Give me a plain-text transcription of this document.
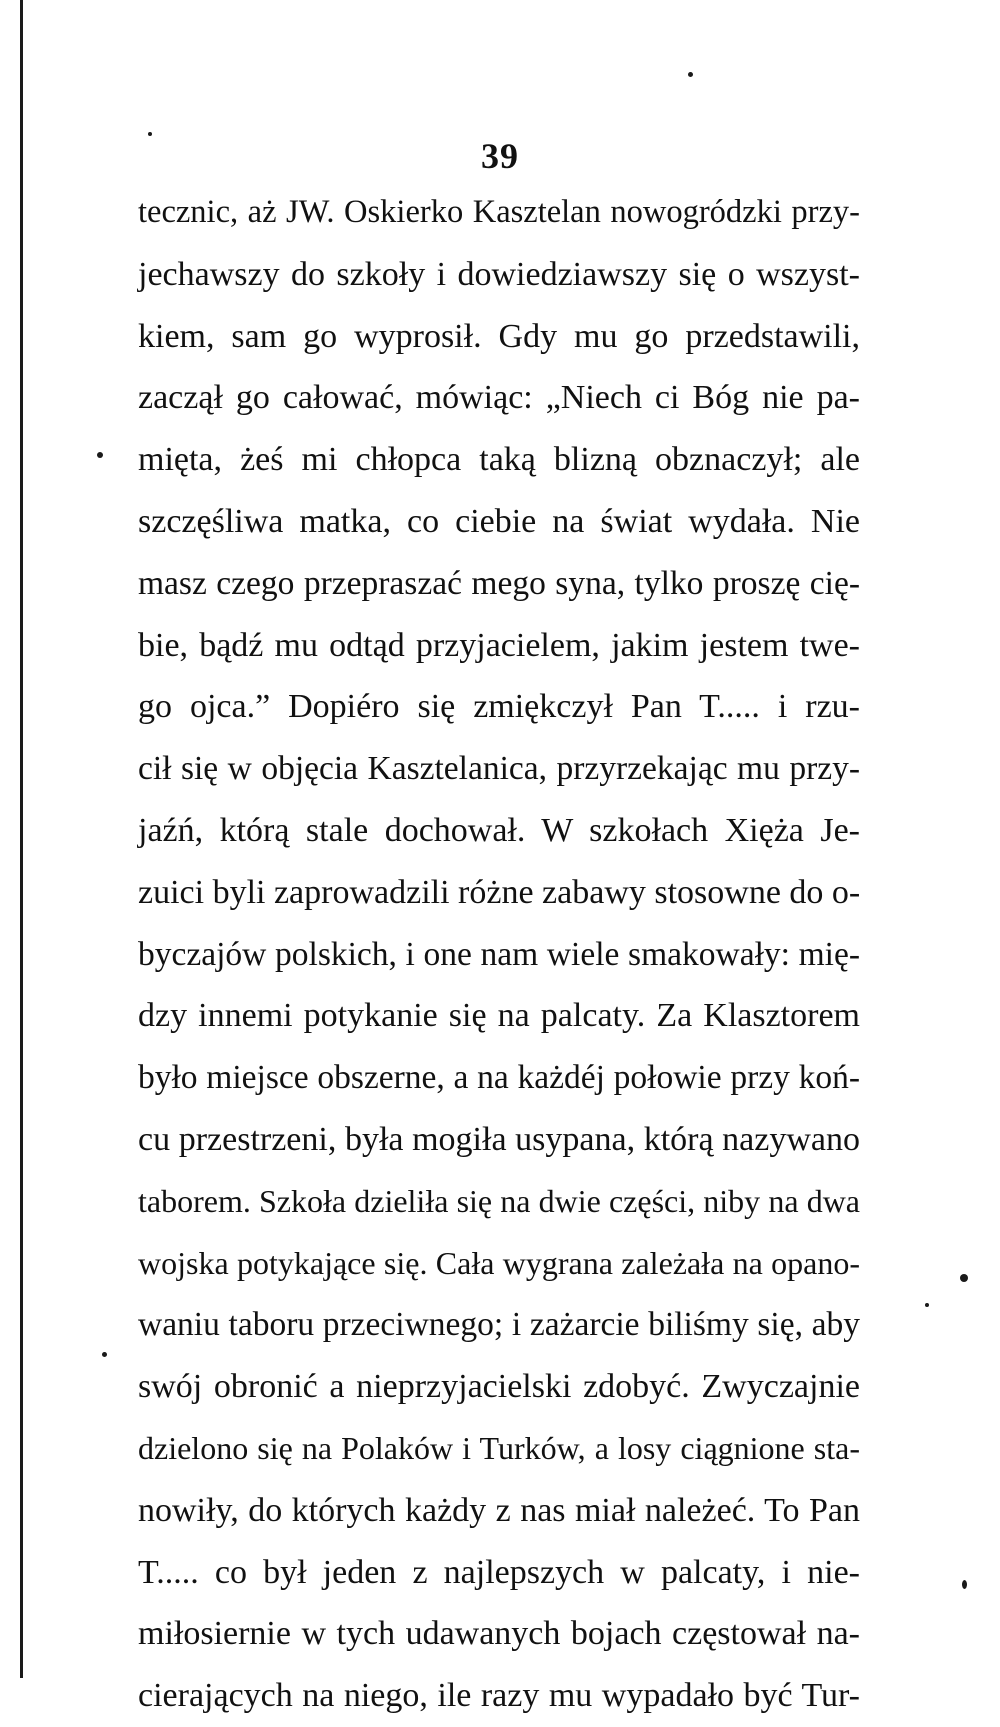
39
tecznic, aż JW. Oskierko Kasztelan nowogródzki przy-
jechawszy do szkoły i dowiedziawszy się o wszyst-
kiem, sam go wyprosił. Gdy mu go przedstawili,
zaczął go całować, mówiąc: „Niech ci Bóg nie pa-
mięta, żeś mi chłopca taką blizną obznaczył; ale
szczęśliwa matka, co ciebie na świat wydała. Nie
masz czego przepraszać mego syna, tylko proszę cię-
bie, bądź mu odtąd przyjacielem, jakim jestem twe-
go ojca.” Dopiéro się zmiękczył Pan T..... i rzu-
cił się w objęcia Kasztelanica, przyrzekając mu przy-
jaźń, którą stale dochował. W szkołach Xięża Je-
zuici byli zaprowadzili różne zabawy stosowne do o-
byczajów polskich, i one nam wiele smakowały: mię-
dzy innemi potykanie się na palcaty. Za Klasztorem
było miejsce obszerne, a na każdéj połowie przy koń-
cu przestrzeni, była mogiła usypana, którą nazywano
taborem. Szkoła dzieliła się na dwie części, niby na dwa
wojska potykające się. Cała wygrana zależała na opano-
waniu taboru przeciwnego; i zażarcie biliśmy się, aby
swój obronić a nieprzyjacielski zdobyć. Zwyczajnie
dzielono się na Polaków i Turków, a losy ciągnione sta-
nowiły, do których każdy z nas miał należeć. To Pan
T..... co był jeden z najlepszych w palcaty, i nie-
miłosiernie w tych udawanych bojach częstował na-
cierających na niego, ile razy mu wypadało być Tur-
